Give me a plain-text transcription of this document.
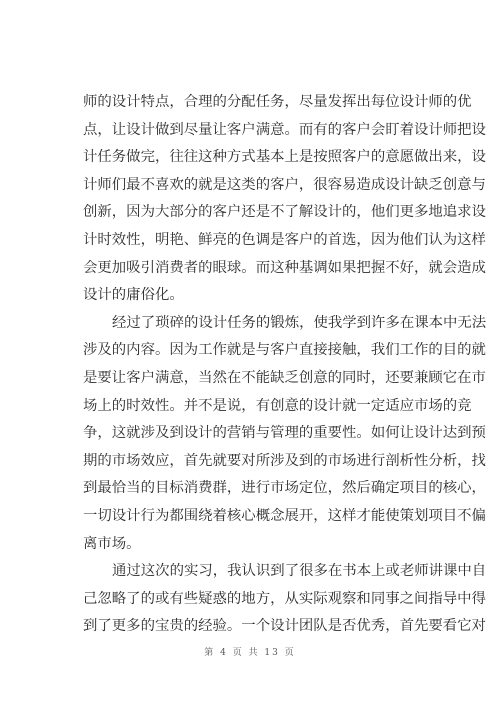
师的设计特点，合理的分配任务，尽量发挥出每位设计师的优
点，让设计做到尽量让客户满意。而有的客户会盯着设计师把设
计任务做完，往往这种方式基本上是按照客户的意愿做出来，设
计师们最不喜欢的就是这类的客户，很容易造成设计缺乏创意与
创新，因为大部分的客户还是不了解设计的，他们更多地追求设
计时效性，明艳、鲜亮的色调是客户的首选，因为他们认为这样
会更加吸引消费者的眼球。而这种基调如果把握不好，就会造成
设计的庸俗化。
经过了琐碎的设计任务的锻炼，使我学到许多在课本中无法
涉及的内容。因为工作就是与客户直接接触，我们工作的目的就
是要让客户满意，当然在不能缺乏创意的同时，还要兼顾它在市
场上的时效性。并不是说，有创意的设计就一定适应市场的竞
争，这就涉及到设计的营销与管理的重要性。如何让设计达到预
期的市场效应，首先就要对所涉及到的市场进行剖析性分析，找
到最恰当的目标消费群，进行市场定位，然后确定项目的核心，
一切设计行为都围绕着核心概念展开，这样才能使策划项目不偏
离市场。
通过这次的实习，我认识到了很多在书本上或老师讲课中自
己忽略了的或有些疑惑的地方，从实际观察和同事之间指导中得
到了更多的宝贵的经验。一个设计团队是否优秀，首先要看它对
第 4 页 共 13 页
